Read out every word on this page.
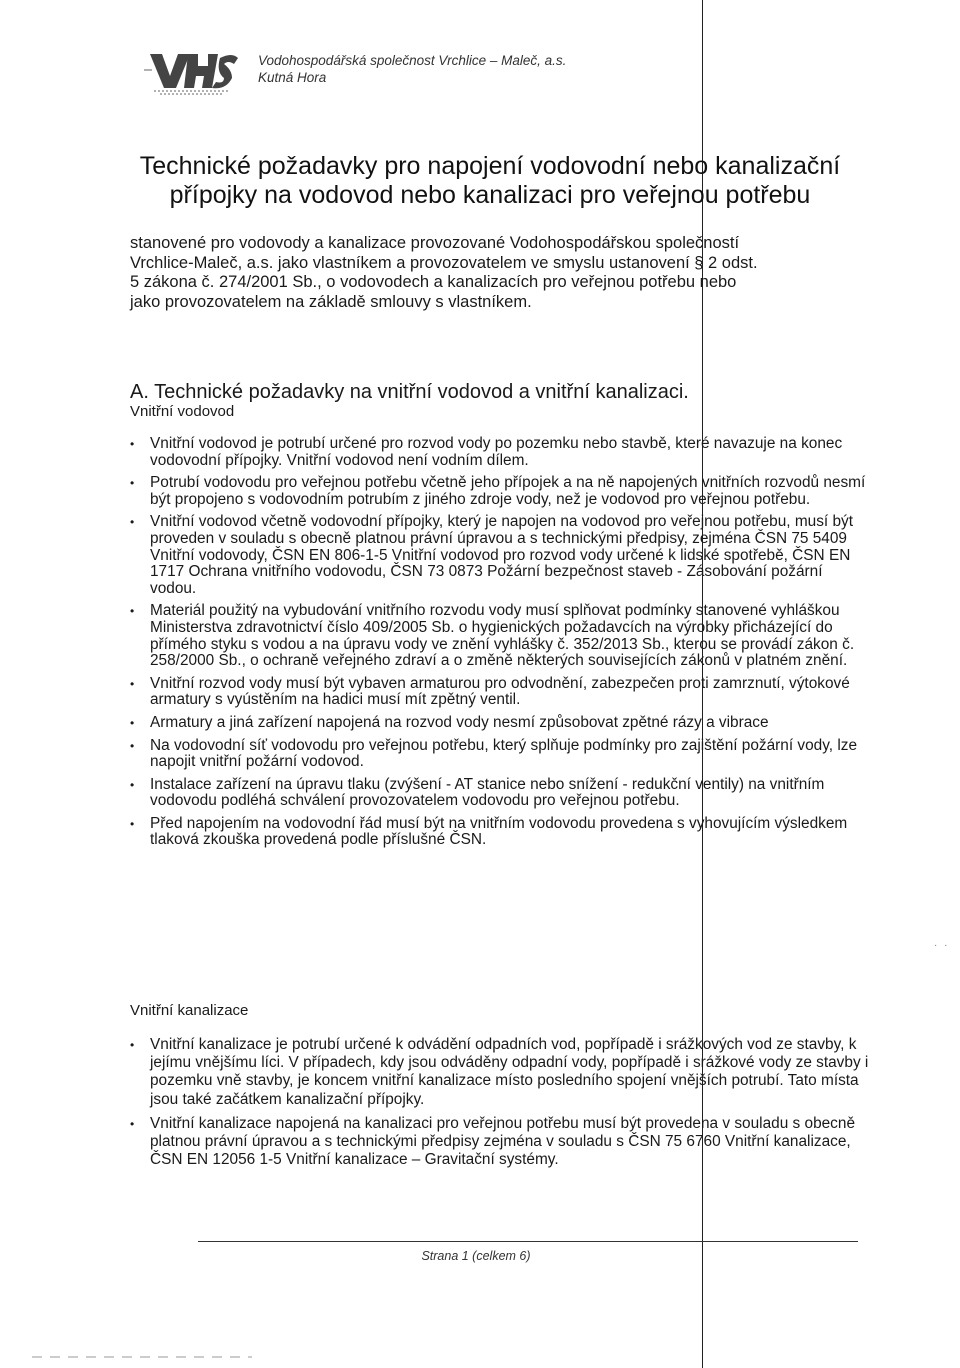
Vodohospodářská společnost Vrchlice – Maleč, a.s.
Kutná Hora
Technické požadavky pro napojení vodovodní nebo kanalizační
přípojky na vodovod nebo kanalizaci pro veřejnou potřebu
stanovené pro vodovody a kanalizace provozované Vodohospodářskou společností
Vrchlice-Maleč, a.s. jako vlastníkem a provozovatelem ve smyslu ustanovení § 2 odst.
5 zákona č. 274/2001 Sb., o vodovodech a kanalizacích pro veřejnou potřebu nebo
jako provozovatelem na základě smlouvy s vlastníkem.
A. Technické požadavky na vnitřní vodovod a vnitřní kanalizaci.
Vnitřní vodovod
• Vnitřní vodovod je potrubí určené pro rozvod vody po pozemku nebo stavbě, které navazuje na konec vodovodní přípojky. Vnitřní vodovod není vodním dílem.
• Potrubí vodovodu pro veřejnou potřebu včetně jeho přípojek a na ně napojených vnitřních rozvodů nesmí být propojeno s vodovodním potrubím z jiného zdroje vody, než je vodovod pro veřejnou potřebu.
• Vnitřní vodovod včetně vodovodní přípojky, který je napojen na vodovod pro veřejnou potřebu, musí být proveden v souladu s obecně platnou právní úpravou a s technickými předpisy, zejména ČSN 75 5409 Vnitřní vodovody, ČSN EN 806-1-5 Vnitřní vodovod pro rozvod vody určené k lidské spotřebě, ČSN EN 1717 Ochrana vnitřního vodovodu, ČSN 73 0873 Požární bezpečnost staveb - Zásobování požární vodou.
• Materiál použitý na vybudování vnitřního rozvodu vody musí splňovat podmínky stanovené vyhláškou Ministerstva zdravotnictví číslo 409/2005 Sb. o hygienických požadavcích na výrobky přicházející do přímého styku s vodou a na úpravu vody ve znění vyhlášky č. 352/2013 Sb., kterou se provádí zákon č. 258/2000 Sb., o ochraně veřejného zdraví a o změně některých souvisejících zákonů v platném znění.
• Vnitřní rozvod vody musí být vybaven armaturou pro odvodnění, zabezpečen proti zamrznutí, výtokové armatury s vyústěním na hadici musí mít zpětný ventil.
• Armatury a jiná zařízení napojená na rozvod vody nesmí způsobovat zpětné rázy a vibrace
• Na vodovodní síť vodovodu pro veřejnou potřebu, který splňuje podmínky pro zajištění požární vody, lze napojit vnitřní požární vodovod.
• Instalace zařízení na úpravu tlaku (zvýšení - AT stanice nebo snížení - redukční ventily) na vnitřním vodovodu podléhá schválení provozovatelem vodovodu pro veřejnou potřebu.
• Před napojením na vodovodní řád musí být na vnitřním vodovodu provedena s vyhovujícím výsledkem tlaková zkouška provedená podle příslušné ČSN.
Vnitřní kanalizace
• Vnitřní kanalizace je potrubí určené k odvádění odpadních vod, popřípadě i srážkových vod ze stavby, k jejímu vnějšímu líci. V případech, kdy jsou odváděny odpadní vody, popřípadě i srážkové vody ze stavby i pozemku vně stavby, je koncem vnitřní kanalizace místo posledního spojení vnějších potrubí. Tato místa jsou také začátkem kanalizační přípojky.
• Vnitřní kanalizace napojená na kanalizaci pro veřejnou potřebu musí být provedena v souladu s obecně platnou právní úpravou a s technickými předpisy zejména v souladu s ČSN 75 6760 Vnitřní kanalizace, ČSN EN 12056 1-5 Vnitřní kanalizace – Gravitační systémy.
Strana 1 (celkem 6)
· ·
